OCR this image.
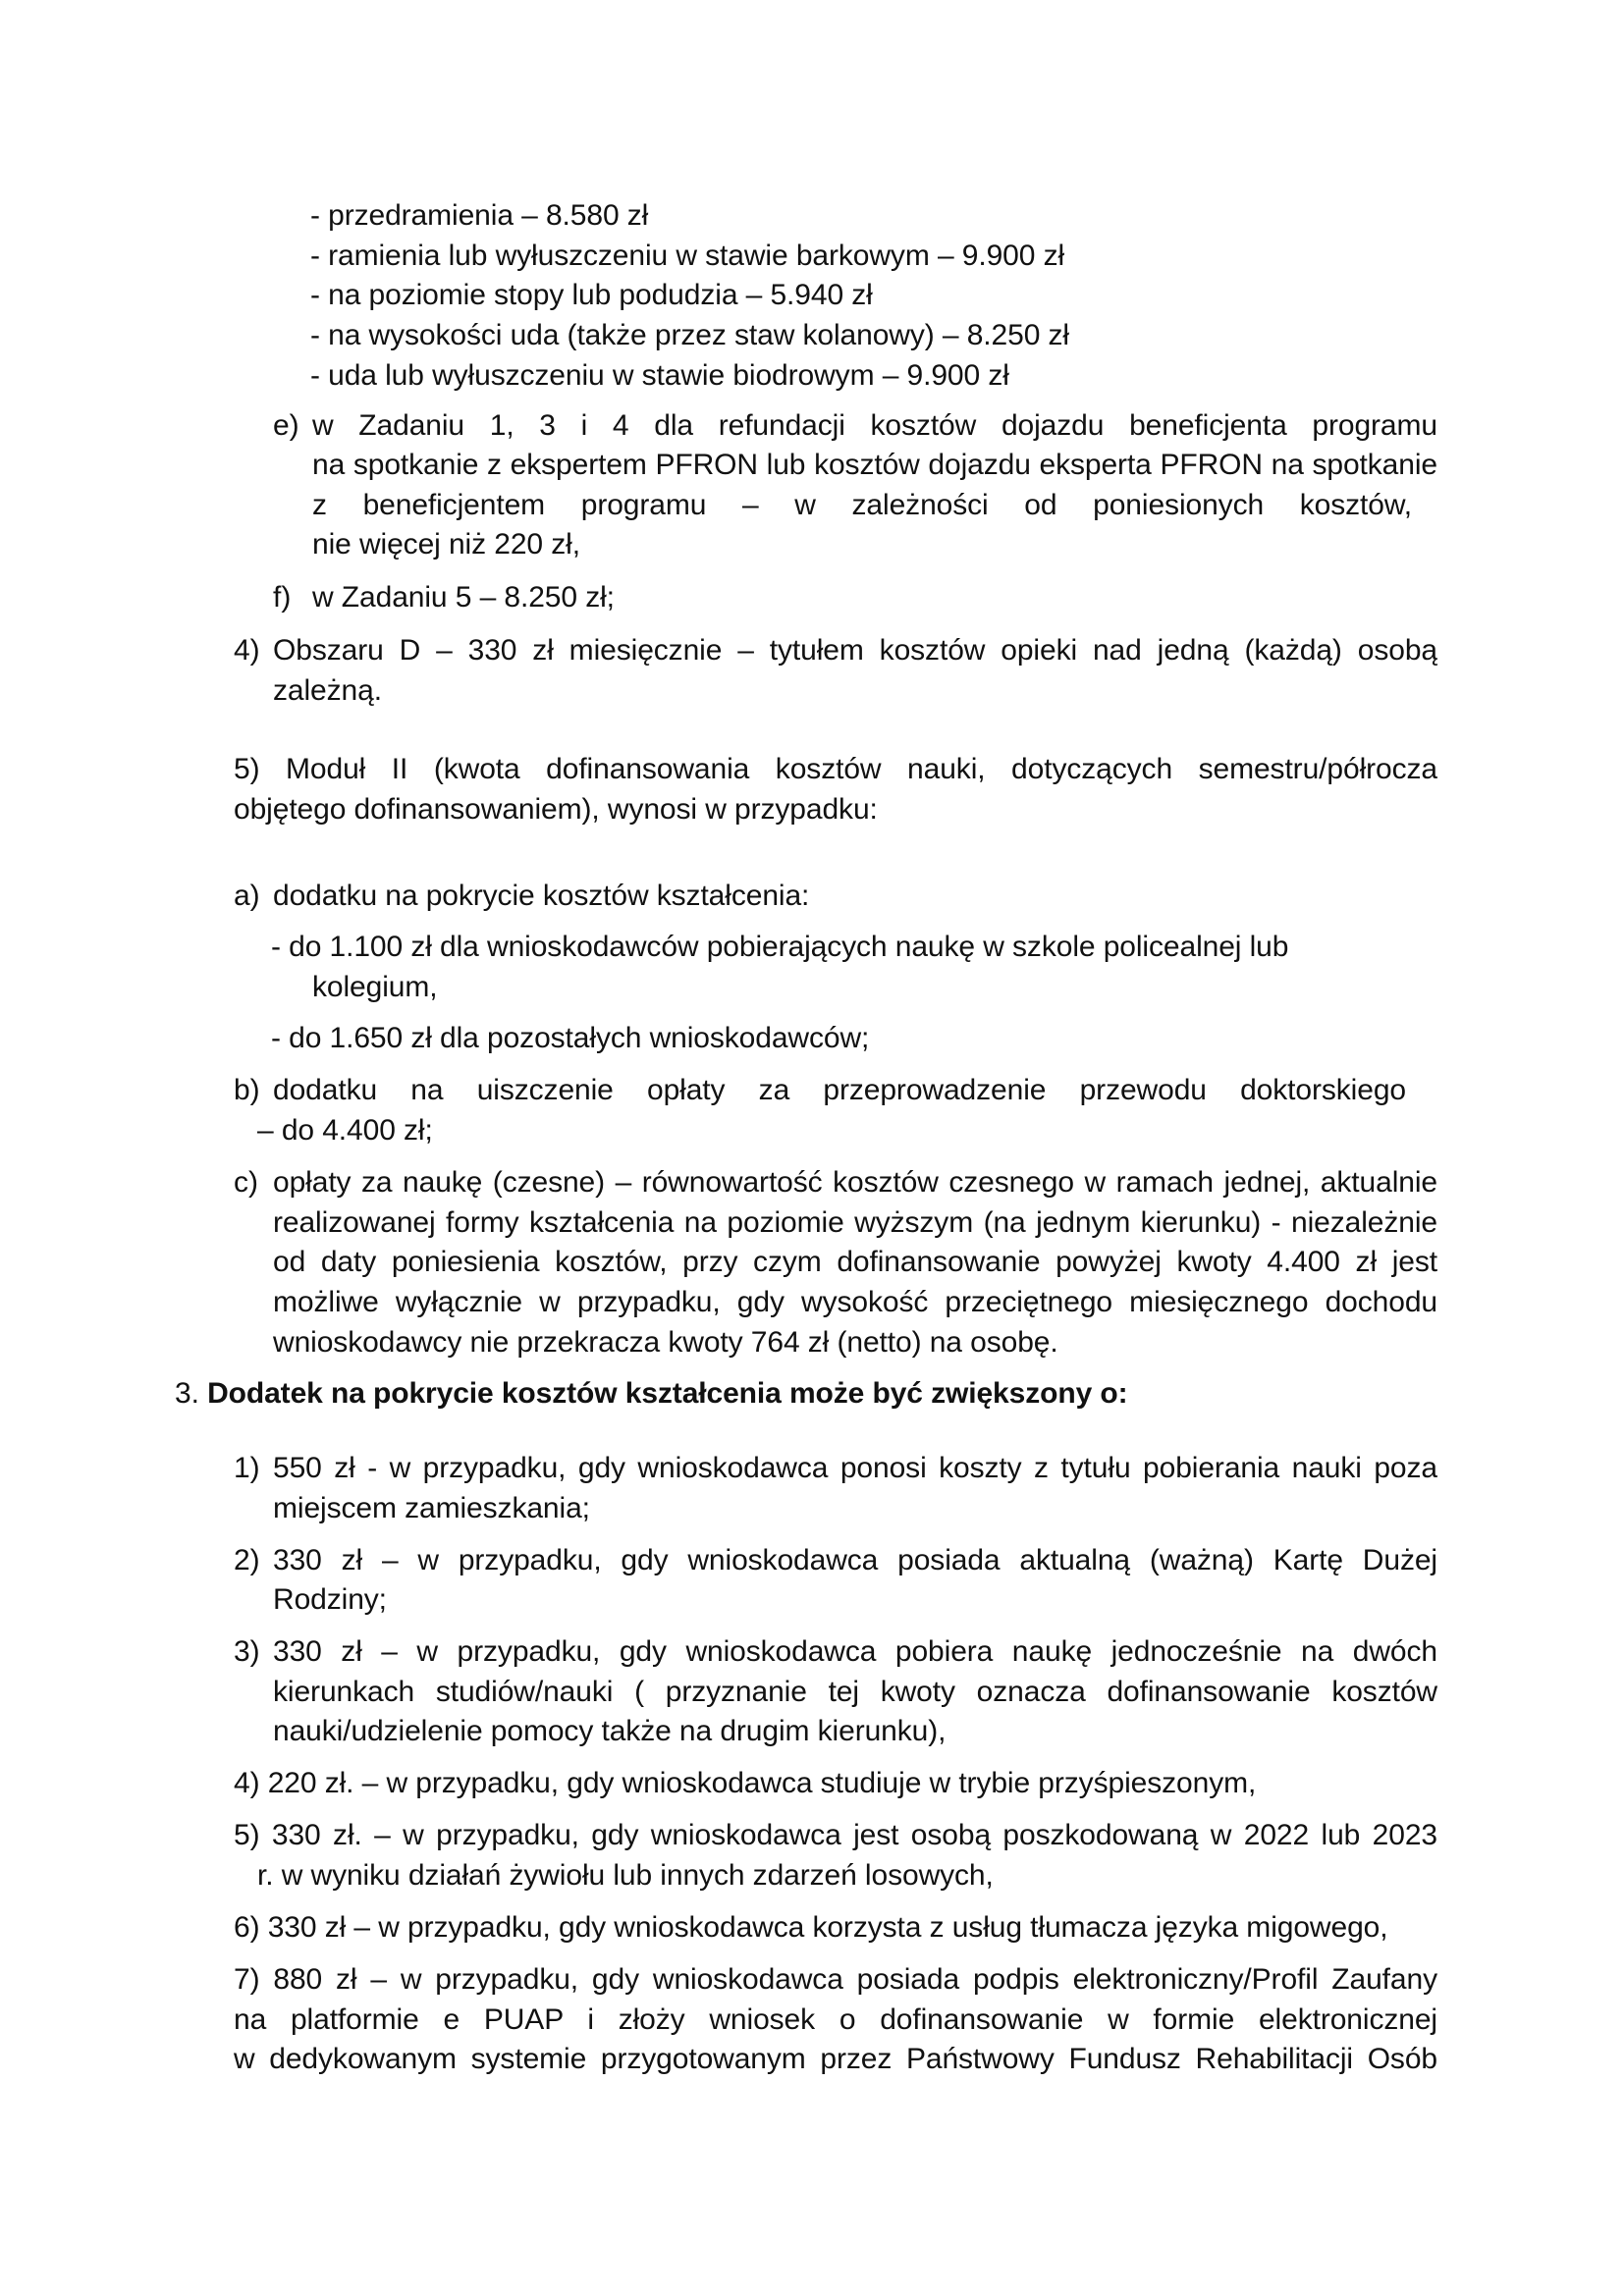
- przedramienia – 8.580 zł
- ramienia lub wyłuszczeniu w stawie barkowym – 9.900 zł
- na poziomie stopy lub podudzia – 5.940 zł
- na wysokości uda (także przez staw kolanowy) – 8.250 zł
- uda lub wyłuszczeniu w stawie biodrowym – 9.900 zł
e) w Zadaniu 1, 3 i 4 dla refundacji kosztów dojazdu beneficjenta programu
na spotkanie z ekspertem PFRON lub kosztów dojazdu eksperta PFRON na spotkanie
z beneficjentem programu – w zależności od poniesionych kosztów,
nie więcej niż 220 zł,
f) w Zadaniu 5 – 8.250 zł;
4) Obszaru D – 330 zł miesięcznie – tytułem kosztów opieki nad jedną (każdą) osobą
zależną.
5) Moduł II (kwota dofinansowania kosztów nauki, dotyczących semestru/półrocza
objętego dofinansowaniem), wynosi w przypadku:
a) dodatku na pokrycie kosztów kształcenia:
- do 1.100 zł dla wnioskodawców pobierających naukę w szkole policealnej lub
kolegium,
- do 1.650 zł dla pozostałych wnioskodawców;
b) dodatku na uiszczenie opłaty za przeprowadzenie przewodu doktorskiego
– do 4.400 zł;
c) opłaty za naukę (czesne) – równowartość kosztów czesnego w ramach jednej, aktualnie
realizowanej formy kształcenia na poziomie wyższym (na jednym kierunku) - niezależnie
od daty poniesienia kosztów, przy czym dofinansowanie powyżej kwoty 4.400 zł jest
możliwe wyłącznie w przypadku, gdy wysokość przeciętnego miesięcznego dochodu
wnioskodawcy nie przekracza kwoty 764 zł (netto) na osobę.
3. Dodatek na pokrycie kosztów kształcenia może być zwiększony o:
1) 550 zł - w przypadku, gdy wnioskodawca ponosi koszty z tytułu pobierania nauki poza
miejscem zamieszkania;
2) 330 zł – w przypadku, gdy wnioskodawca posiada aktualną (ważną) Kartę Dużej
Rodziny;
3) 330 zł – w przypadku, gdy wnioskodawca pobiera naukę jednocześnie na dwóch
kierunkach studiów/nauki ( przyznanie tej kwoty oznacza dofinansowanie kosztów
nauki/udzielenie pomocy także na drugim kierunku),
4) 220 zł. – w przypadku, gdy wnioskodawca studiuje w trybie przyśpieszonym,
5) 330 zł. – w przypadku, gdy wnioskodawca jest osobą poszkodowaną w 2022 lub 2023
r. w wyniku działań żywiołu lub innych zdarzeń losowych,
6) 330 zł – w przypadku, gdy wnioskodawca korzysta z usług tłumacza języka migowego,
7) 880 zł – w przypadku, gdy wnioskodawca posiada podpis elektroniczny/Profil Zaufany
na platformie e PUAP i złoży wniosek o dofinansowanie w formie elektronicznej
w dedykowanym systemie przygotowanym przez Państwowy Fundusz Rehabilitacji Osób
